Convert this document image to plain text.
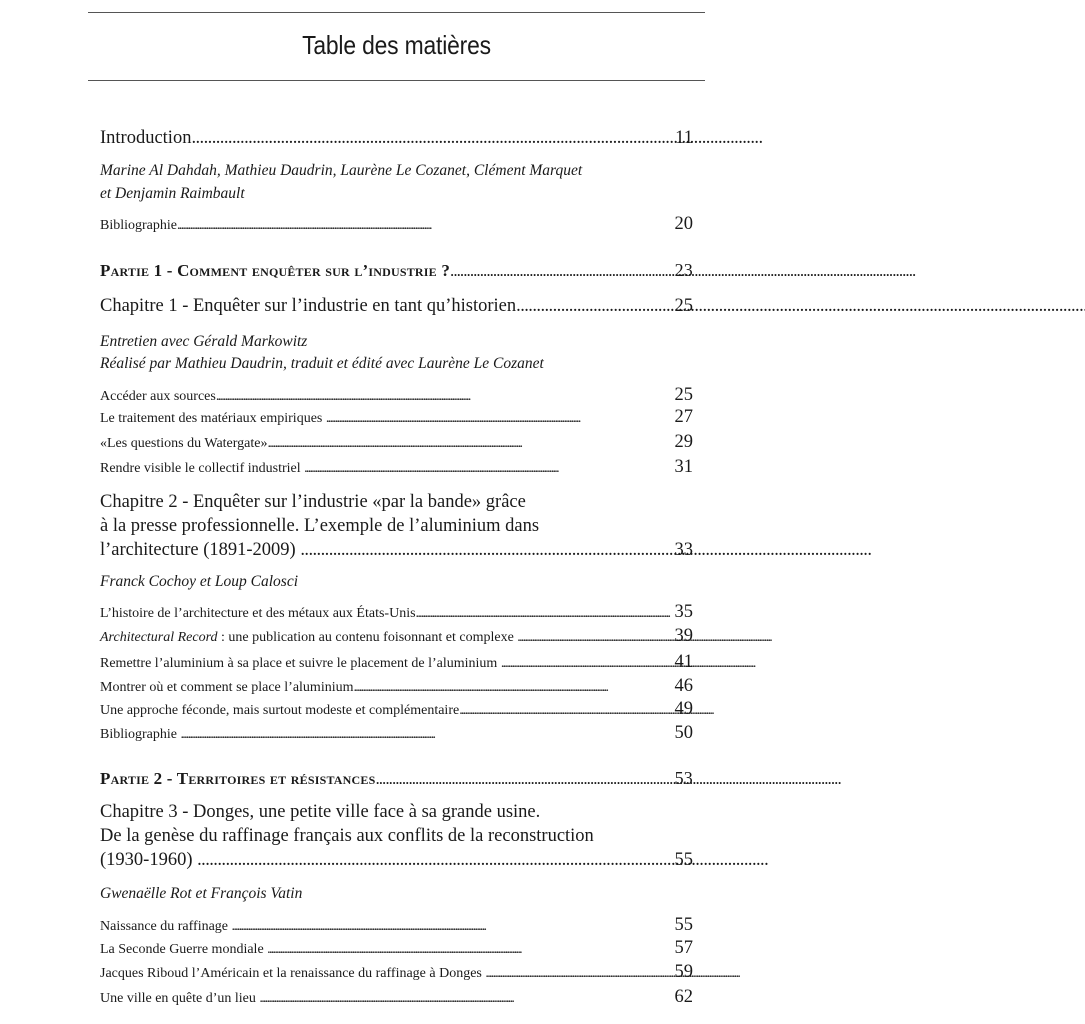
Table des matières
Introduction . . .	11
Marine Al Dahdah, Mathieu Daudrin, Laurène Le Cozanet, Clément Marquet
et Denjamin Raimbault
Bibliographie . . .	20
Partie 1 - Comment enquêter sur l’industrie ? . . .	23
Chapitre 1 - Enquêter sur l’industrie en tant qu’historien . . .	25
Entretien avec Gérald Markowitz
Réalisé par Mathieu Daudrin, traduit et édité avec Laurène Le Cozanet
Accéder aux sources . . .	25
Le traitement des matériaux empiriques . . .	27
«Les questions du Watergate» . . .	29
Rendre visible le collectif industriel . . .	31
Chapitre 2 - Enquêter sur l’industrie «par la bande» grâce
à la presse professionnelle. L’exemple de l’aluminium dans
l’architecture (1891-2009) . . .	33
Franck Cochoy et Loup Calosci
L’histoire de l’architecture et des métaux aux États-Unis . . .	35
Architectural Record : une publication au contenu foisonnant et complexe . . .	39
Remettre l’aluminium à sa place et suivre le placement de l’aluminium . . .	41
Montrer où et comment se place l’aluminium . . .	46
Une approche féconde, mais surtout modeste et complémentaire . . .	49
Bibliographie . . .	50
Partie 2 - Territoires et résistances . . .	53
Chapitre 3 - Donges, une petite ville face à sa grande usine.
De la genèse du raffinage français aux conflits de la reconstruction
(1930-1960) . . .	55
Gwenaëlle Rot et François Vatin
Naissance du raffinage . . .	55
La Seconde Guerre mondiale . . .	57
Jacques Riboud l’Américain et la renaissance du raffinage à Donges . . .	59
Une ville en quête d’un lieu . . .	62
